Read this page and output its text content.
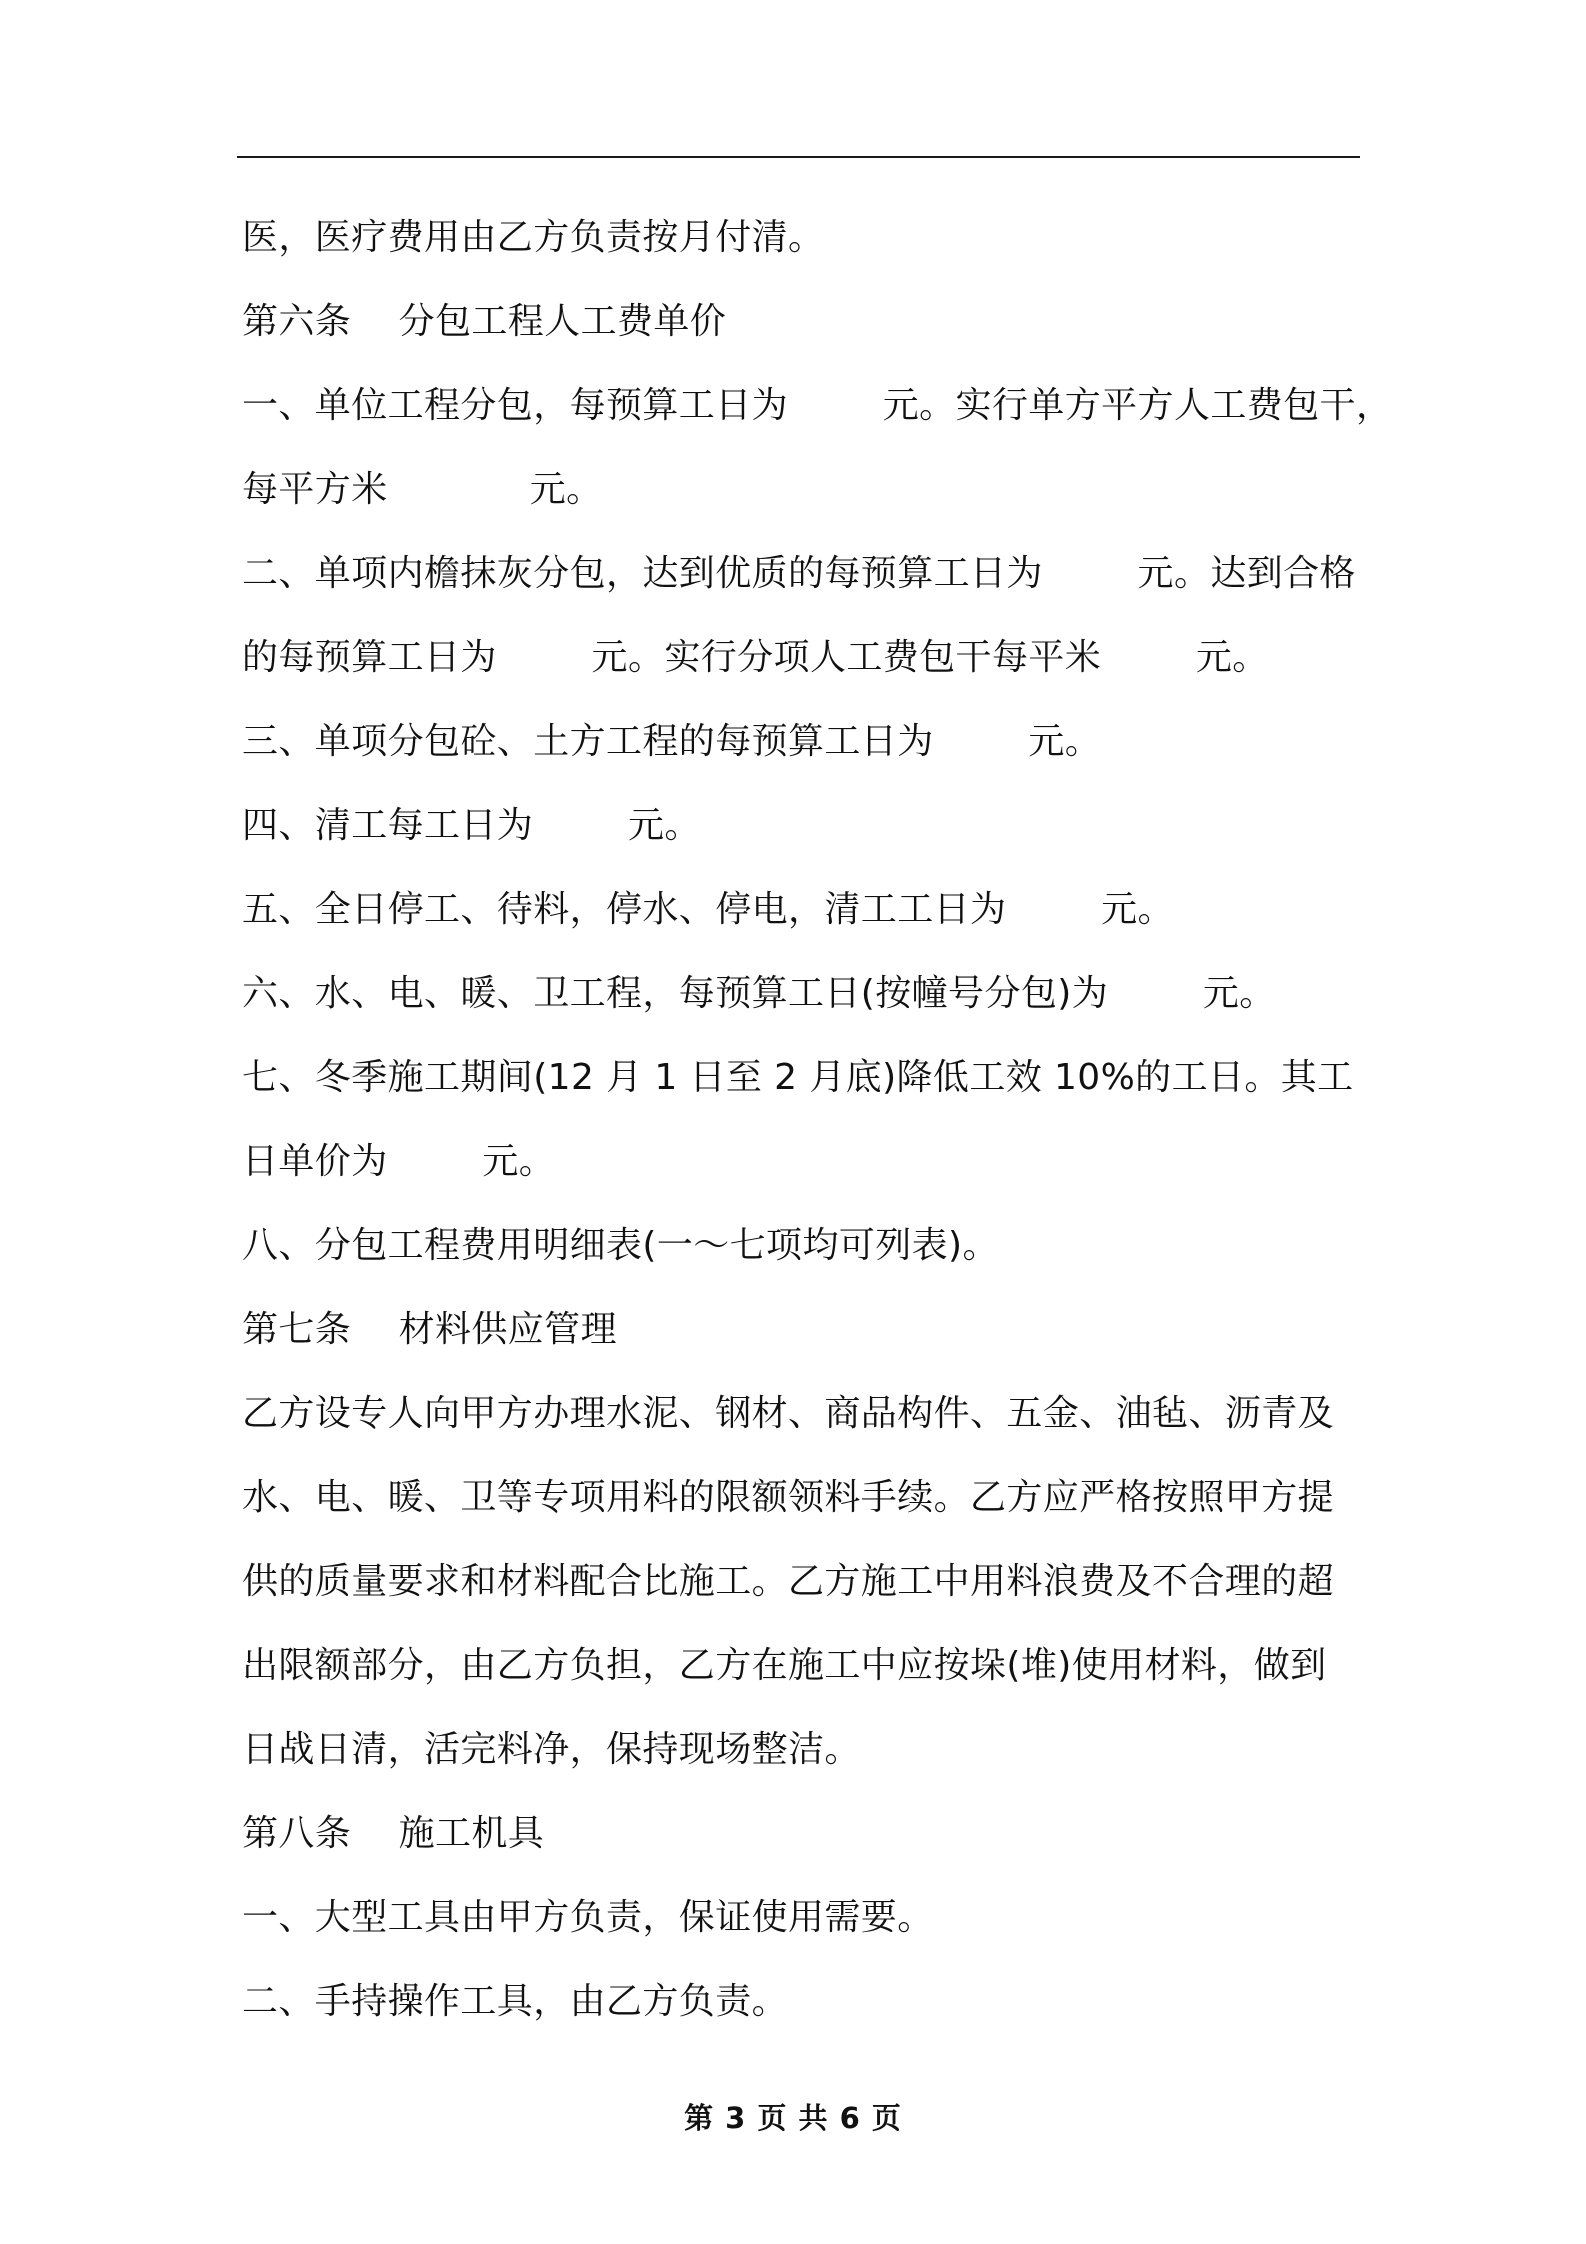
医，医疗费用由乙方负责按月付清。
第六条    分包工程人工费单价
一、单位工程分包，每预算工日为        元。实行单方平方人工费包干，
每平方米            元。
二、单项内檐抹灰分包，达到优质的每预算工日为        元。达到合格
的每预算工日为        元。实行分项人工费包干每平米        元。
三、单项分包砼、土方工程的每预算工日为        元。
四、清工每工日为        元。
五、全日停工、待料，停水、停电，清工工日为        元。
六、水、电、暖、卫工程，每预算工日(按幢号分包)为        元。
七、冬季施工期间(12 月 1 日至 2 月底)降低工效 10%的工日。其工
日单价为        元。
八、分包工程费用明细表(一～七项均可列表)。
第七条    材料供应管理
乙方设专人向甲方办理水泥、钢材、商品构件、五金、油毡、沥青及
水、电、暖、卫等专项用料的限额领料手续。乙方应严格按照甲方提
供的质量要求和材料配合比施工。乙方施工中用料浪费及不合理的超
出限额部分，由乙方负担，乙方在施工中应按垛(堆)使用材料，做到
日战日清，活完料净，保持现场整洁。
第八条    施工机具
一、大型工具由甲方负责，保证使用需要。
二、手持操作工具，由乙方负责。
第 3 页 共 6 页
